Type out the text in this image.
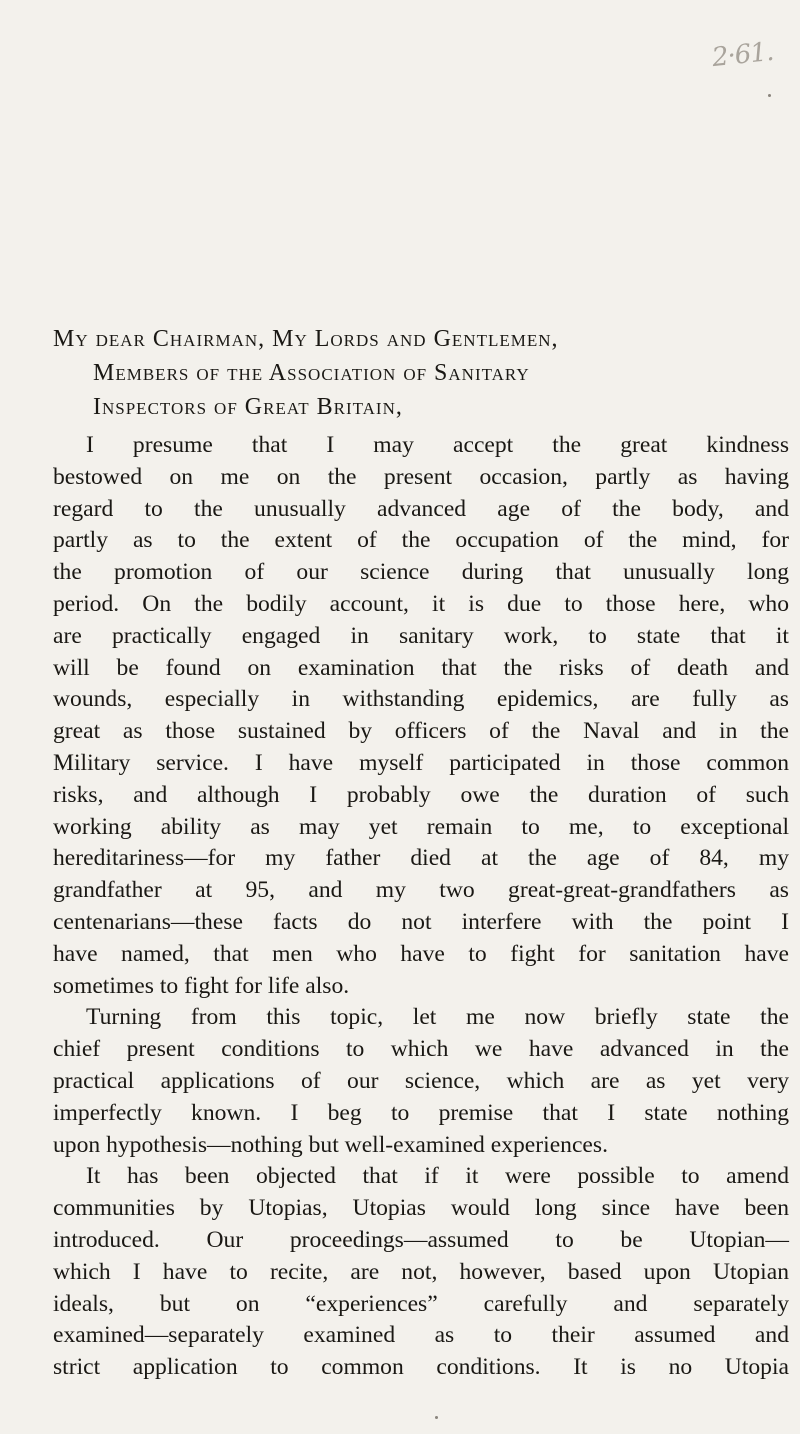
2·61.
My dear Chairman, My Lords and Gentlemen,
Members of the Association of Sanitary
Inspectors of Great Britain,
I presume that I may accept the great kindness
bestowed on me on the present occasion, partly as having
regard to the unusually advanced age of the body, and
partly as to the extent of the occupation of the mind, for
the promotion of our science during that unusually long
period. On the bodily account, it is due to those here, who
are practically engaged in sanitary work, to state that it
will be found on examination that the risks of death and
wounds, especially in withstanding epidemics, are fully as
great as those sustained by officers of the Naval and in the
Military service. I have myself participated in those common
risks, and although I probably owe the duration of such
working ability as may yet remain to me, to exceptional
hereditariness—for my father died at the age of 84, my
grandfather at 95, and my two great-great-grandfathers as
centenarians—these facts do not interfere with the point I
have named, that men who have to fight for sanitation have
sometimes to fight for life also.
Turning from this topic, let me now briefly state the
chief present conditions to which we have advanced in the
practical applications of our science, which are as yet very
imperfectly known. I beg to premise that I state nothing
upon hypothesis—nothing but well-examined experiences.
It has been objected that if it were possible to amend
communities by Utopias, Utopias would long since have been
introduced. Our proceedings—assumed to be Utopian—
which I have to recite, are not, however, based upon Utopian
ideals, but on “experiences” carefully and separately
examined—separately examined as to their assumed and
strict application to common conditions. It is no Utopia
